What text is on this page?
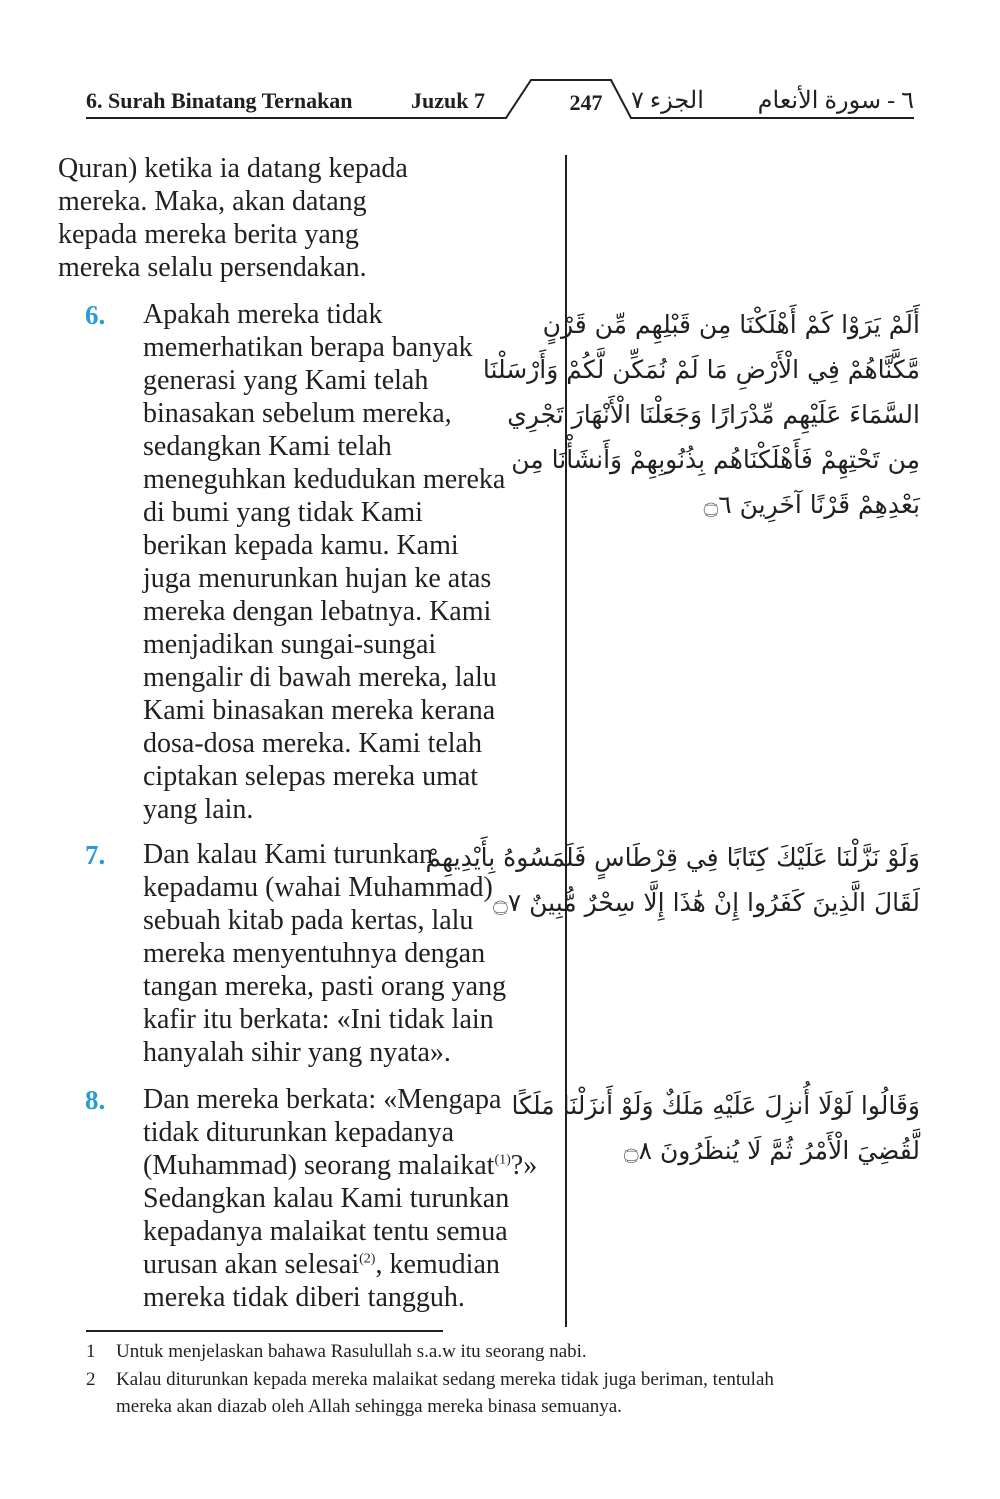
6. Surah Binatang Ternakan	Juzuk 7	247	الجزء ٧ ٦ - سورة الأنعام
Quran) ketika ia datang kepada
mereka. Maka, akan datang
kepada mereka berita yang
mereka selalu persendakan.
6. Apakah mereka tidak
memerhatikan berapa banyak
generasi yang Kami telah
binasakan sebelum mereka,
sedangkan Kami telah
meneguhkan kedudukan mereka
di bumi yang tidak Kami
berikan kepada kamu. Kami
juga menurunkan hujan ke atas
mereka dengan lebatnya. Kami
menjadikan sungai-sungai
mengalir di bawah mereka, lalu
Kami binasakan mereka kerana
dosa-dosa mereka. Kami telah
ciptakan selepas mereka umat
yang lain.
أَلَمْ يَرَوْا كَمْ أَهْلَكْنَا مِن قَبْلِهِم مِّن قَرْنٍ
مَّكَّنَّاهُمْ فِي الْأَرْضِ مَا لَمْ نُمَكِّن لَّكُمْ وَأَرْسَلْنَا
السَّمَاءَ عَلَيْهِم مِّدْرَارًا وَجَعَلْنَا الْأَنْهَارَ تَجْرِي
مِن تَحْتِهِمْ فَأَهْلَكْنَاهُم بِذُنُوبِهِمْ وَأَنشَأْنَا مِن
بَعْدِهِمْ قَرْنًا آخَرِينَ ۝٦
7. Dan kalau Kami turunkan
kepadamu (wahai Muhammad)
sebuah kitab pada kertas, lalu
mereka menyentuhnya dengan
tangan mereka, pasti orang yang
kafir itu berkata: «Ini tidak lain
hanyalah sihir yang nyata».
وَلَوْ نَزَّلْنَا عَلَيْكَ كِتَابًا فِي قِرْطَاسٍ فَلَمَسُوهُ بِأَيْدِيهِمْ
لَقَالَ الَّذِينَ كَفَرُوا إِنْ هَٰذَا إِلَّا سِحْرٌ مُّبِينٌ ۝٧
8. Dan mereka berkata: «Mengapa
tidak diturunkan kepadanya
(Muhammad) seorang malaikat$^{(1)}$?»
Sedangkan kalau Kami turunkan
kepadanya malaikat tentu semua
urusan akan selesai$^{(2)}$, kemudian
mereka tidak diberi tangguh.
وَقَالُوا لَوْلَا أُنزِلَ عَلَيْهِ مَلَكٌ وَلَوْ أَنزَلْنَا مَلَكًا
لَّقُضِيَ الْأَمْرُ ثُمَّ لَا يُنظَرُونَ ۝٨
1 Untuk menjelaskan bahawa Rasulullah s.a.w itu seorang nabi.
2 Kalau diturunkan kepada mereka malaikat sedang mereka tidak juga beriman, tentulah
mereka akan diazab oleh Allah sehingga mereka binasa semuanya.
